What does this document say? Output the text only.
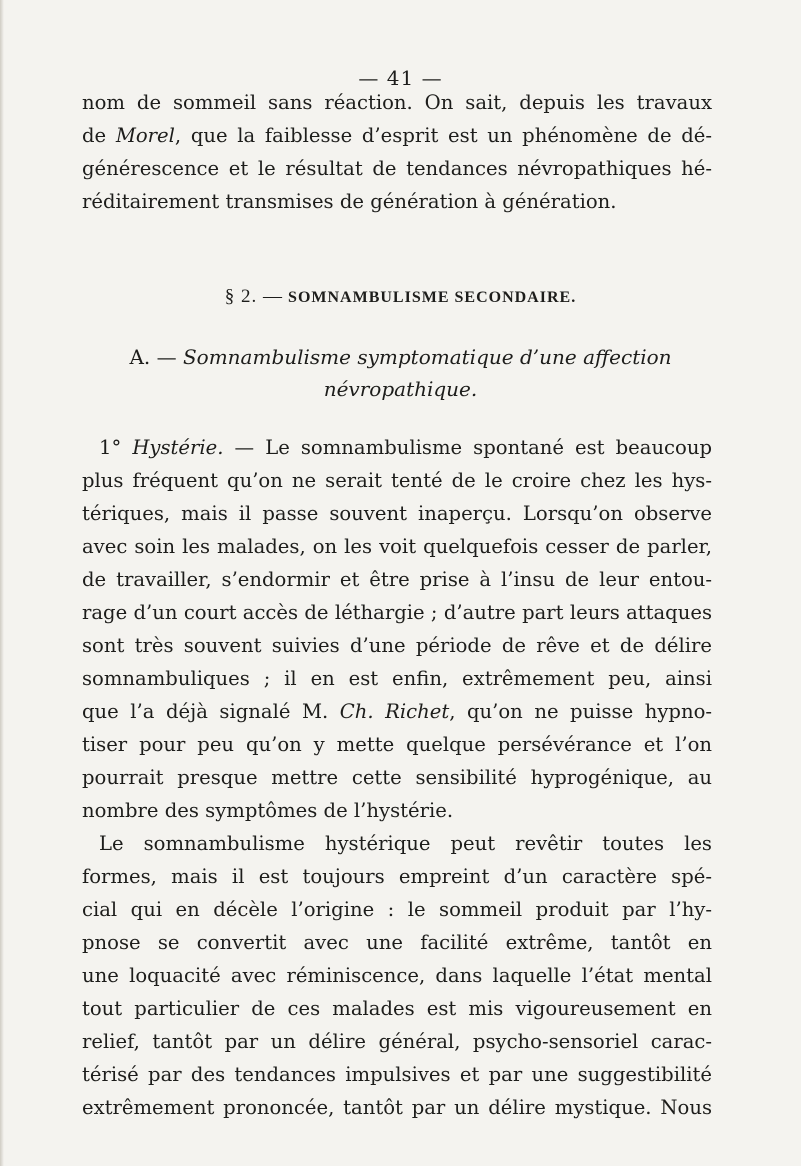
— 41 —
nom de sommeil sans réaction. On sait, depuis les travaux
de Morel, que la faiblesse d’esprit est un phénomène de dé-
générescence et le résultat de tendances névropathiques hé-
réditairement transmises de génération à génération.
§ 2. — SOMNAMBULISME SECONDAIRE.
A. — Somnambulisme symptomatique d’une affection
névropathique.
1° Hystérie. — Le somnambulisme spontané est beaucoup
plus fréquent qu’on ne serait tenté de le croire chez les hys-
tériques, mais il passe souvent inaperçu. Lorsqu’on observe
avec soin les malades, on les voit quelquefois cesser de parler,
de travailler, s’endormir et être prise à l’insu de leur entou-
rage d’un court accès de léthargie ; d’autre part leurs attaques
sont très souvent suivies d’une période de rêve et de délire
somnambuliques ; il en est enfin, extrêmement peu, ainsi
que l’a déjà signalé M. Ch. Richet, qu’on ne puisse hypno-
tiser pour peu qu’on y mette quelque persévérance et l’on
pourrait presque mettre cette sensibilité hyprogénique, au
nombre des symptômes de l’hystérie.
Le somnambulisme hystérique peut revêtir toutes les
formes, mais il est toujours empreint d’un caractère spé-
cial qui en décèle l’origine : le sommeil produit par l’hy-
pnose se convertit avec une facilité extrême, tantôt en
une loquacité avec réminiscence, dans laquelle l’état mental
tout particulier de ces malades est mis vigoureusement en
relief, tantôt par un délire général, psycho-sensoriel carac-
térisé par des tendances impulsives et par une suggestibilité
extrêmement prononcée, tantôt par un délire mystique. Nous
